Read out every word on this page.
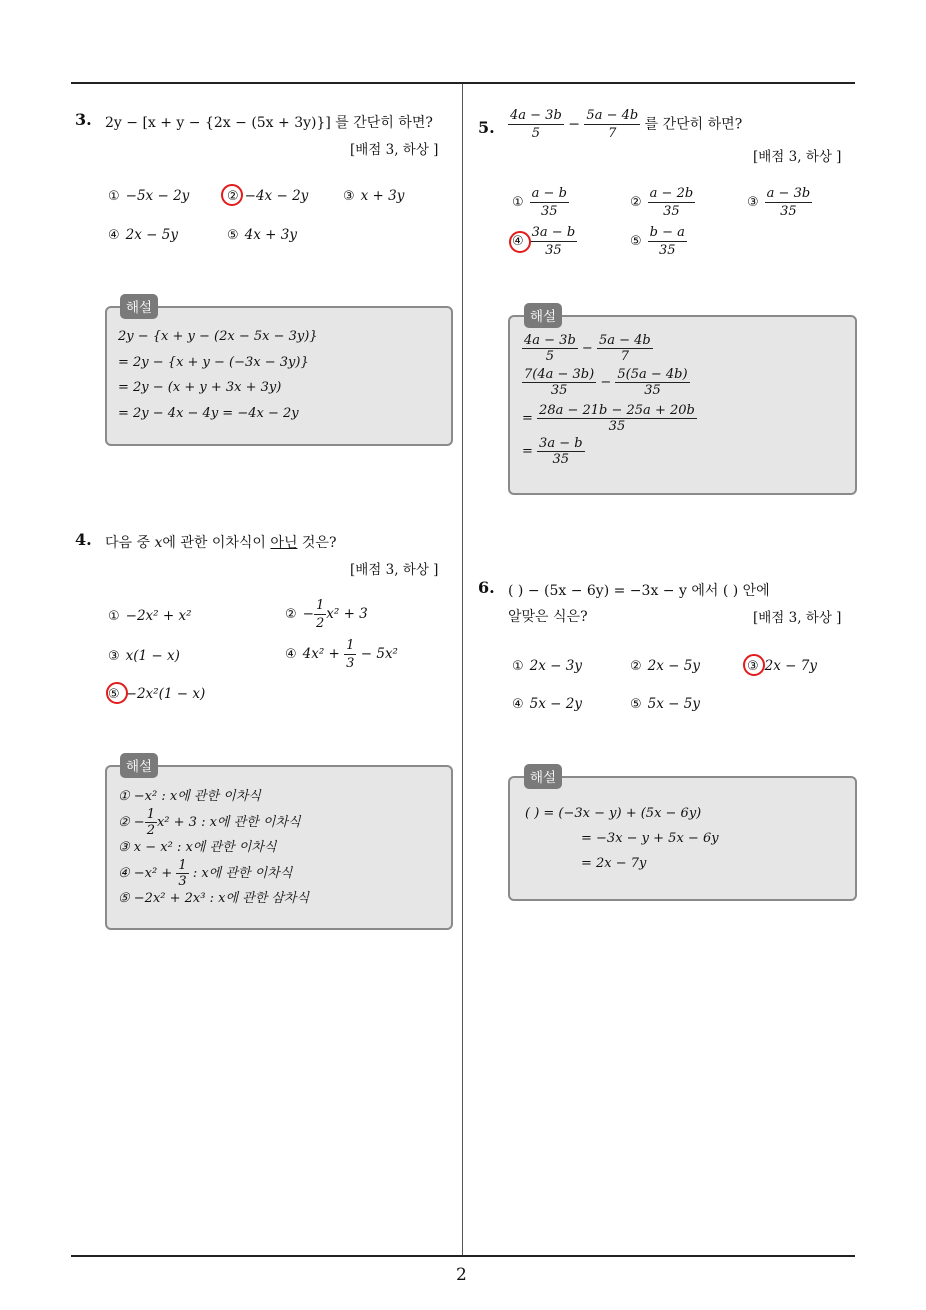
2
3. 2y − [x + y − {2x − (5x + 3y)}] 를 간단히 하면?
[배점 3, 하상 ]
① −5x − 2y	② −4x − 2y	③ x + 3y
④ 2x − 5y	⑤ 4x + 3y
해설
2y − {x + y − (2x − 5x − 3y)}
= 2y − {x + y − (−3x − 3y)}
= 2y − (x + y + 3x + 3y)
= 2y − 4x − 4y = −4x − 2y
4. 다음 중 x에 관한 이차식이 아닌 것은?
[배점 3, 하상 ]
① −2x² + x²	② − $\frac{1}{2} x^2 + 3$
③ x(1 − x)	④ $4x^2 + \frac{1}{3} - 5x^2$
⑤ −2x²(1 − x)
해설
① −x² : x에 관한 이차식
② − $\frac{1}{2} x^2 + 3$ : x에 관한 이차식
③ x − x² : x에 관한 이차식
④ $-x^2 + \frac{1}{3}$ : x에 관한 이차식
⑤ −2x² + 2x³ : x에 관한 삼차식
5. $\frac{4a - 3b}{5} - \frac{5a - 4b}{7}$ 를 간단히 하면?
[배점 3, 하상 ]
① $\frac{a - b}{35}$	② $\frac{a - 2b}{35}$	③ $\frac{a - 3b}{35}$
④ $\frac{3a - b}{35}$	⑤ $\frac{b - a}{35}$
해설
$\frac{4a - 3b}{5} - \frac{5a - 4b}{7}$
$\frac{7(4a - 3b)}{35} - \frac{5(5a - 4b)}{35}$
= $\frac{28a - 21b - 25a + 20b}{35}$
= $\frac{3a - b}{35}$
6. ( ) − (5x − 6y) = −3x − y 에서 ( ) 안에
알맞은 식은?	[배점 3, 하상 ]
① 2x − 3y	② 2x − 5y	③ 2x − 7y
④ 5x − 2y	⑤ 5x − 5y
해설
( ) = (−3x − y) + (5x − 6y)
= −3x − y + 5x − 6y
= 2x − 7y
